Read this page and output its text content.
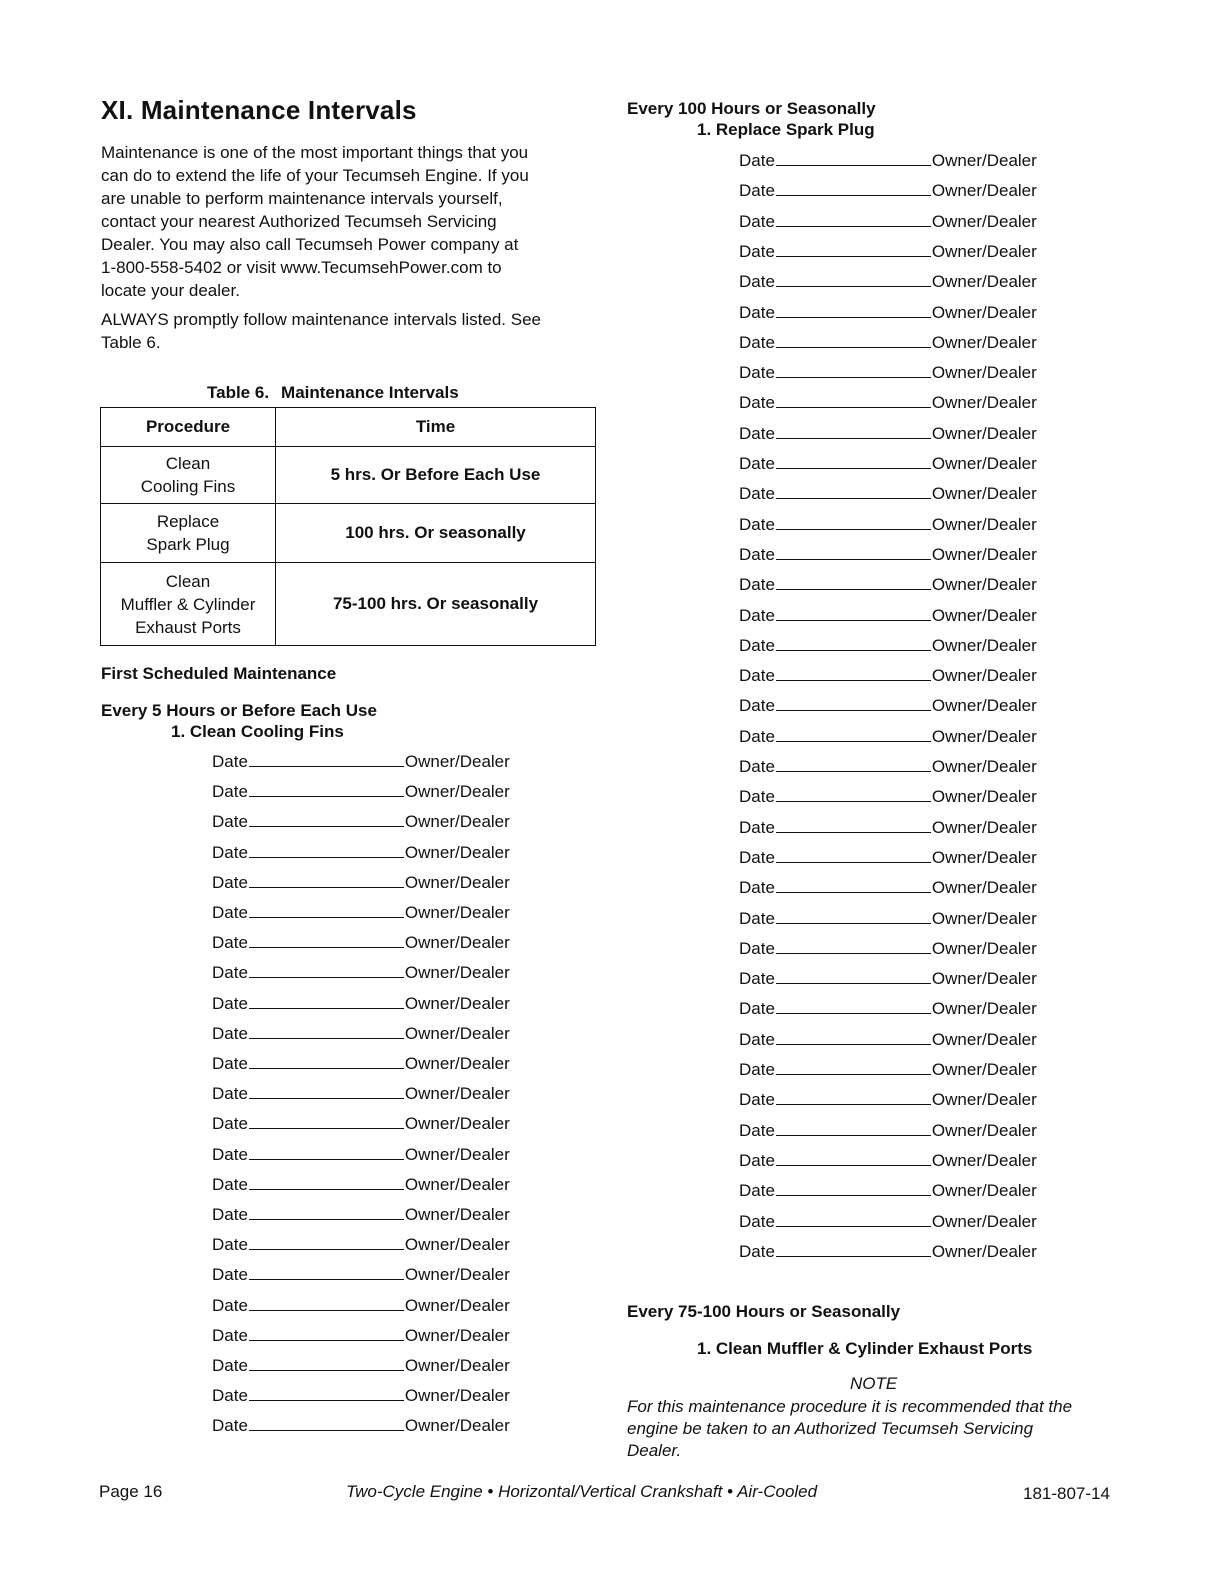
XI. Maintenance Intervals
Maintenance is one of the most important things that you
can do to extend the life of your Tecumseh Engine. If you
are unable to perform maintenance intervals yourself,
contact your nearest Authorized Tecumseh Servicing
Dealer. You may also call Tecumseh Power company at
1-800-558-5402 or visit www.TecumsehPower.com to
locate your dealer.
ALWAYS promptly follow maintenance intervals listed. See
Table 6.
Table 6. Maintenance Intervals
Procedure	Time

Clean
Cooling Fins	5 hrs. Or Before Each Use

Replace
Spark Plug	100 hrs. Or seasonally

Clean
Muffler & Cylinder
Exhaust Ports	75-100 hrs. Or seasonally
First Scheduled Maintenance
Every 5 Hours or Before Each Use
1. Clean Cooling Fins
Date	Owner/Dealer
Date	Owner/Dealer
Date	Owner/Dealer
Date	Owner/Dealer
Date	Owner/Dealer
Date	Owner/Dealer
Date	Owner/Dealer
Date	Owner/Dealer
Date	Owner/Dealer
Date	Owner/Dealer
Date	Owner/Dealer
Date	Owner/Dealer
Date	Owner/Dealer
Date	Owner/Dealer
Date	Owner/Dealer
Date	Owner/Dealer
Date	Owner/Dealer
Date	Owner/Dealer
Date	Owner/Dealer
Date	Owner/Dealer
Date	Owner/Dealer
Date	Owner/Dealer
Date	Owner/Dealer
Every 100 Hours or Seasonally
1. Replace Spark Plug
Date	Owner/Dealer
Date	Owner/Dealer
Date	Owner/Dealer
Date	Owner/Dealer
Date	Owner/Dealer
Date	Owner/Dealer
Date	Owner/Dealer
Date	Owner/Dealer
Date	Owner/Dealer
Date	Owner/Dealer
Date	Owner/Dealer
Date	Owner/Dealer
Date	Owner/Dealer
Date	Owner/Dealer
Date	Owner/Dealer
Date	Owner/Dealer
Date	Owner/Dealer
Date	Owner/Dealer
Date	Owner/Dealer
Date	Owner/Dealer
Date	Owner/Dealer
Date	Owner/Dealer
Date	Owner/Dealer
Date	Owner/Dealer
Date	Owner/Dealer
Date	Owner/Dealer
Date	Owner/Dealer
Date	Owner/Dealer
Date	Owner/Dealer
Date	Owner/Dealer
Date	Owner/Dealer
Date	Owner/Dealer
Date	Owner/Dealer
Date	Owner/Dealer
Date	Owner/Dealer
Date	Owner/Dealer
Date	Owner/Dealer
Every 75-100 Hours or Seasonally
1. Clean Muffler & Cylinder Exhaust Ports
NOTE
For this maintenance procedure it is recommended that the
engine be taken to an Authorized Tecumseh Servicing
Dealer.
Page 16	Two-Cycle Engine • Horizontal/Vertical Crankshaft • Air-Cooled	181-807-14
